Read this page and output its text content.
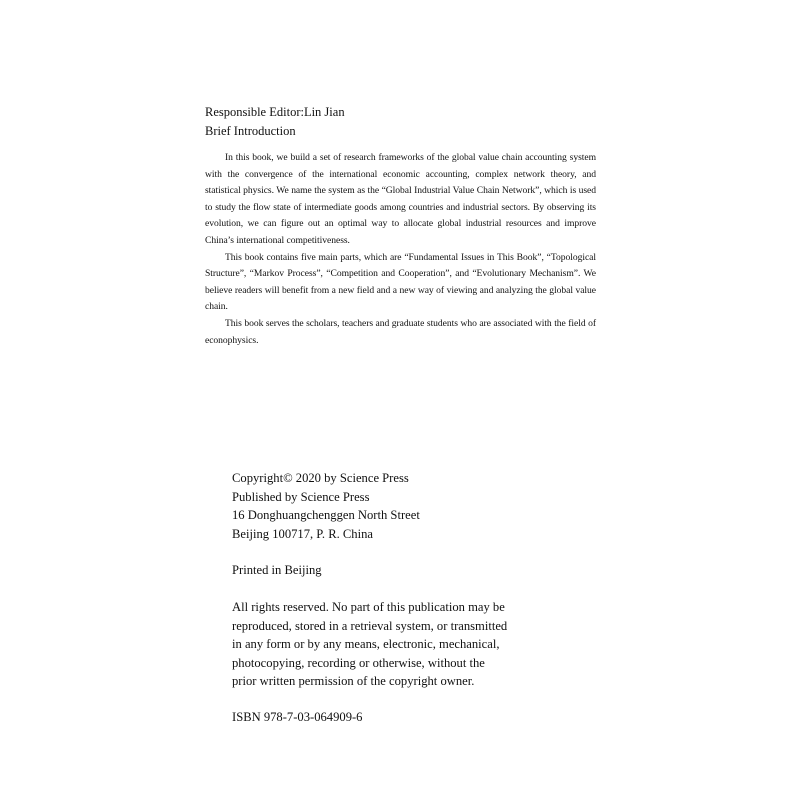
Responsible Editor:Lin Jian

Brief Introduction

In this book, we build a set of research frameworks of the global value chain accounting system with the convergence of the international economic accounting, complex network theory, and statistical physics. We name the system as the “Global Industrial Value Chain Network”, which is used to study the flow state of intermediate goods among countries and industrial sectors. By observing its evolution, we can figure out an optimal way to allocate global industrial resources and improve China’s international competitiveness.

This book contains five main parts, which are “Fundamental Issues in This Book”, “Topological Structure”, “Markov Process”, “Competition and Cooperation”, and “Evolutionary Mechanism”. We believe readers will benefit from a new field and a new way of viewing and analyzing the global value chain.

This book serves the scholars, teachers and graduate students who are associated with the field of econophysics.

Copyright© 2020 by Science Press

Published by Science Press

16 Donghuangchenggen North Street

Beijing 100717, P. R. China

Printed in Beijing

All rights reserved. No part of this publication may be

reproduced, stored in a retrieval system, or transmitted

in any form or by any means, electronic, mechanical,

photocopying, recording or otherwise, without the

prior written permission of the copyright owner.

ISBN 978-7-03-064909-6
